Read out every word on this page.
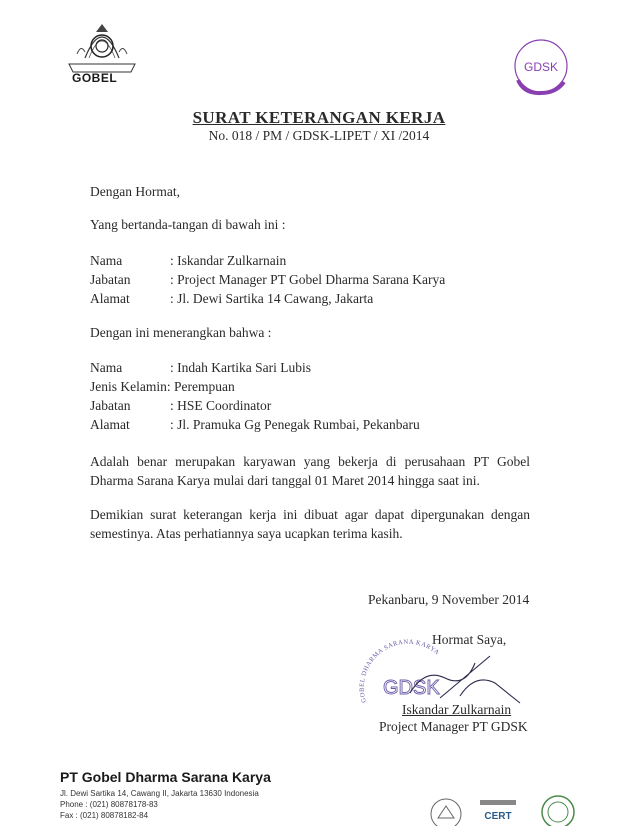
GOBEL
GDSK
SURAT KETERANGAN KERJA
No. 018 / PM / GDSK-LIPET / XI /2014
Dengan Hormat,
Yang bertanda-tangan di bawah ini :
Nama	: Iskandar Zulkarnain
Jabatan	: Project Manager PT Gobel Dharma Sarana Karya
Alamat	: Jl. Dewi Sartika 14 Cawang, Jakarta
Dengan ini menerangkan bahwa :
Nama	: Indah Kartika Sari Lubis
Jenis Kelamin: Perempuan
Jabatan	: HSE Coordinator
Alamat	: Jl. Pramuka Gg Penegak Rumbai, Pekanbaru
Adalah benar merupakan karyawan yang bekerja di perusahaan PT Gobel Dharma Sarana Karya mulai dari tanggal 01 Maret 2014 hingga saat ini.
Demikian surat keterangan kerja ini dibuat agar dapat dipergunakan dengan semestinya. Atas perhatiannya saya ucapkan terima kasih.
Pekanbaru, 9 November 2014
GOBEL DHARMA SARANA KARYA
GDSK
Hormat Saya,
Iskandar Zulkarnain
Project Manager PT GDSK
PT Gobel Dharma Sarana Karya
Jl. Dewi Sartika 14, Cawang II, Jakarta 13630 Indonesia
Phone : (021) 80878178-83
Fax : (021) 80878182-84	CERT
